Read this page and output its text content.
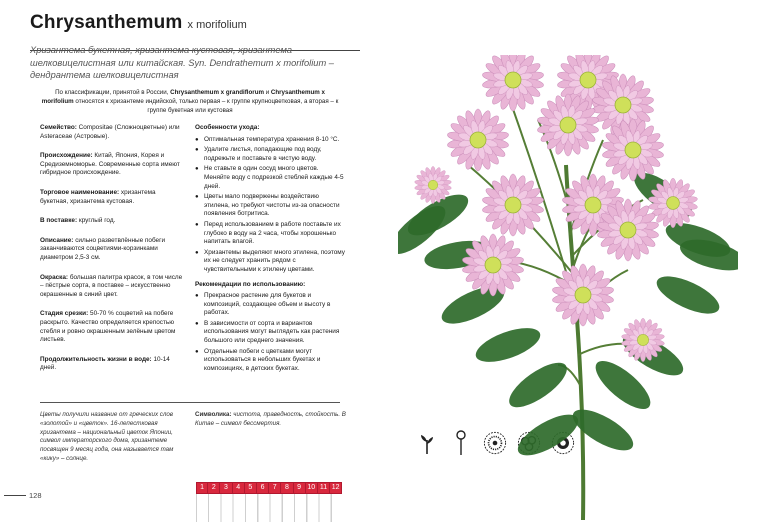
Chrysanthemum x morifolium
Хризантема букетная, хризантема кустовая, хризантема шелковицелистная или китайская. Syn. Dendrathemum x morifolium – дендрантема шелковицелистная
По классификации, принятой в России, Chrysanthemum x grandiflorum и Chrysanthemum x morifolium относятся к хризантеме индийской, только первая – к группе крупноцветковая, а вторая – к группе букетная или кустовая
Семейство: Compositae (Сложноцветные) или Asteraceae (Астровые).
Происхождение: Китай, Япония, Корея и Средиземноморье. Современные сорта имеют гибридное происхождение.
Торговое наименование: хризантема букетная, хризантема кустовая.
В поставке: круглый год.
Описание: сильно разветвлённые побеги заканчиваются соцветиями-корзинками диаметром 2,5-3 см.
Окраска: большая палитра красок, в том числе – пёстрые сорта, в поставке – искусственно окрашенные в синий цвет.
Стадия срезки: 50-70 % соцветий на побеге раскрыто. Качество определяется крепостью стебля и ровно окрашенным зелёным цветом листьев.
Продолжительность жизни в воде: 10-14 дней.
Особенности ухода:
● Оптимальная температура хранения 8-10 °С.
● Удалите листья, попадающие под воду, подрежьте и поставьте в чистую воду.
● Не ставьте в один сосуд много цветов. Меняйте воду с подрезкой стеблей каждые 4-5 дней.
● Цветы мало подвержены воздействию этилена, но требуют чистоты из-за опасности появления ботритиса.
● Перед использованием в работе поставьте их глубоко в воду на 2 часа, чтобы хорошенько напитать влагой.
● Хризантемы выделяют много этилена, поэтому их не следует хранить рядом с чувствительными к этилену цветами.
Рекомендации по использованию:
● Прекрасное растение для букетов и композиций, создающее объем и высоту в работах.
● В зависимости от сорта и вариантов использования могут выглядеть как растения большого или среднего значения.
● Отдельные побеги с цветками могут использоваться в небольших букетах и композициях, в детских букетах.
Цветы получили название от греческих слов «золотой» и «цветок». 16-лепестковая хризантема – национальный цветок Японии, символ императорского дома, хризантеме посвящен 9 месяц года, она называется там «кику» – солнце.
Символика: чистота, праведность, стойкость. В Китае – символ бессмертия.
128
1	2	3	4	5	6	7	8	9 10 11 12
